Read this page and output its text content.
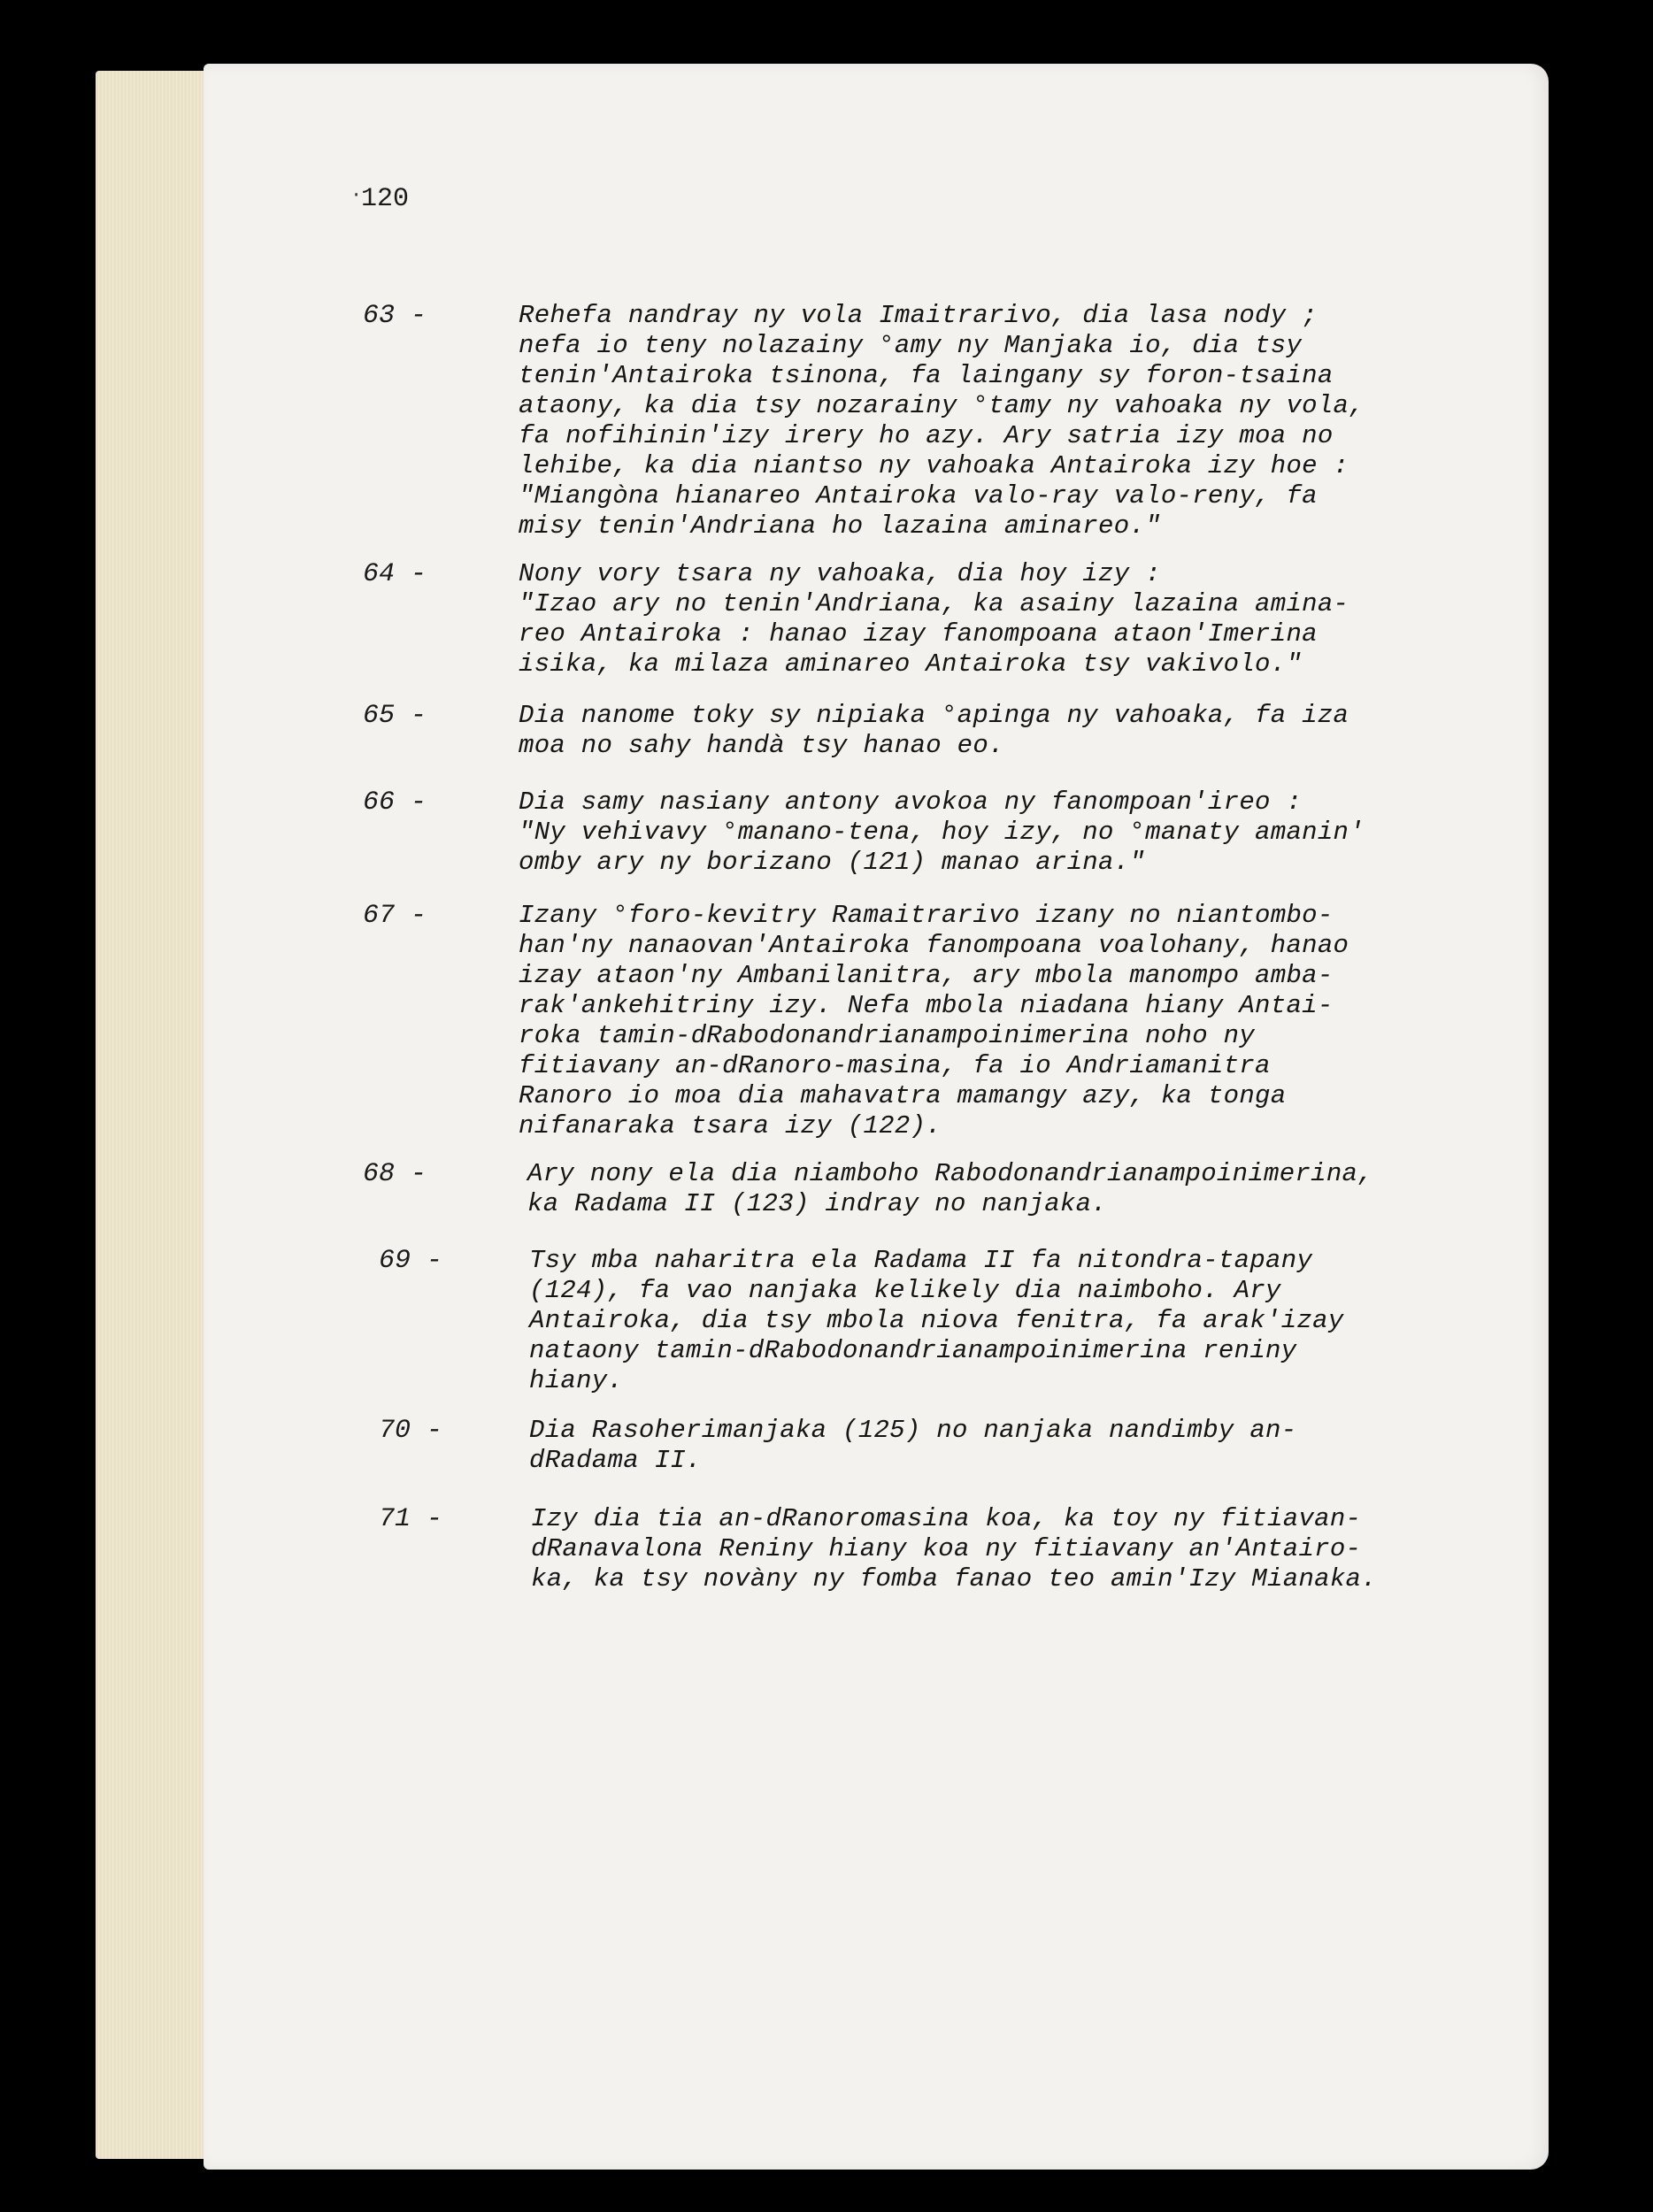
·
120
63 -	Rehefa nandray ny vola Imaitrarivo, dia lasa nody ;
nefa io teny nolazainy °amy ny Manjaka io, dia tsy
tenin'Antairoka tsinona, fa laingany sy foron-tsaina
ataony, ka dia tsy nozarainy °tamy ny vahoaka ny vola,
fa nofihinin'izy irery ho azy. Ary satria izy moa no
lehibe, ka dia niantso ny vahoaka Antairoka izy hoe :
"Miangòna hianareo Antairoka valo-ray valo-reny, fa
misy tenin'Andriana ho lazaina aminareo."
64 -	Nony vory tsara ny vahoaka, dia hoy izy :
"Izao ary no tenin'Andriana, ka asainy lazaina amina-
reo Antairoka : hanao izay fanompoana ataon'Imerina
isika, ka milaza aminareo Antairoka tsy vakivolo."
65 -	Dia nanome toky sy nipiaka °apinga ny vahoaka, fa iza
moa no sahy handà tsy hanao eo.
66 -	Dia samy nasiany antony avokoa ny fanompoan'ireo :
"Ny vehivavy °manano-tena, hoy izy, no °manaty amanin'
omby ary ny borizano (121) manao arina."
67 -	Izany °foro-kevitry Ramaitrarivo izany no niantombo-
han'ny nanaovan'Antairoka fanompoana voalohany, hanao
izay ataon'ny Ambanilanitra, ary mbola manompo amba-
rak'ankehitriny izy. Nefa mbola niadana hiany Antai-
roka tamin-dRabodonandrianampoinimerina noho ny
fitiavany an-dRanoro-masina, fa io Andriamanitra
Ranoro io moa dia mahavatra mamangy azy, ka tonga
nifanaraka tsara izy (122).
68 -	Ary nony ela dia niamboho Rabodonandrianampoinimerina,
ka Radama II (123) indray no nanjaka.
69 -	Tsy mba naharitra ela Radama II fa nitondra-tapany
(124), fa vao nanjaka kelikely dia naimboho. Ary
Antairoka, dia tsy mbola niova fenitra, fa arak'izay
nataony tamin-dRabodonandrianampoinimerina reniny
hiany.
70 -	Dia Rasoherimanjaka (125) no nanjaka nandimby an-
dRadama II.
71 -	Izy dia tia an-dRanoromasina koa, ka toy ny fitiavan-
dRanavalona Reniny hiany koa ny fitiavany an'Antairo-
ka, ka tsy novàny ny fomba fanao teo amin'Izy Mianaka.
